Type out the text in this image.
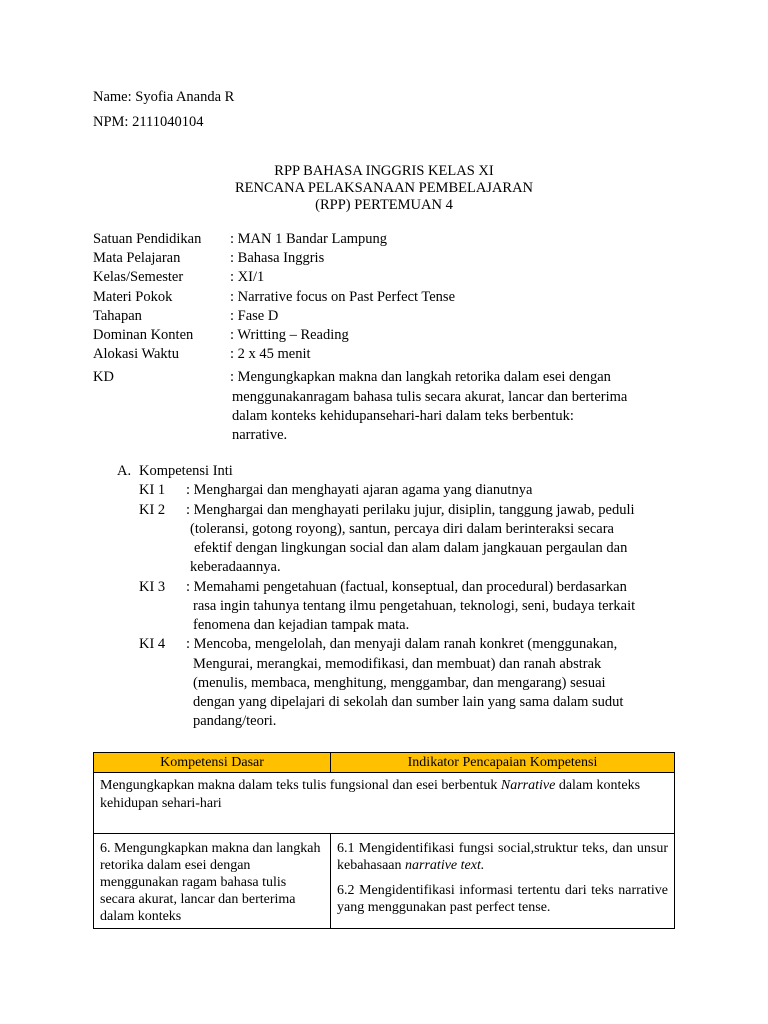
Name: Syofia Ananda R
NPM: 2111040104
RPP BAHASA INGGRIS KELAS XI
RENCANA PELAKSANAAN PEMBELAJARAN
(RPP) PERTEMUAN 4
Satuan Pendidikan : MAN 1 Bandar Lampung
Mata Pelajaran	: Bahasa Inggris
Kelas/Semester	: XI/1
Materi Pokok	: Narrative focus on Past Perfect Tense
Tahapan	: Fase D
Dominan Konten	: Writting – Reading
Alokasi Waktu	: 2 x 45 menit
KD	: Mengungkapkan makna dan langkah retorika dalam esei dengan
menggunakanragam bahasa tulis secara akurat, lancar dan berterima
dalam konteks kehidupansehari-hari dalam teks berbentuk:
narrative.
A. Kompetensi Inti
KI 1 : Menghargai dan menghayati ajaran agama yang dianutnya
KI 2 : Menghargai dan menghayati perilaku jujur, disiplin, tanggung jawab, peduli
(toleransi, gotong royong), santun, percaya diri dalam berinteraksi secara
efektif dengan lingkungan social dan alam dalam jangkauan pergaulan dan
keberadaannya.
KI 3 : Memahami pengetahuan (factual, konseptual, dan procedural) berdasarkan
rasa ingin tahunya tentang ilmu pengetahuan, teknologi, seni, budaya terkait
fenomena dan kejadian tampak mata.
KI 4 : Mencoba, mengelolah, dan menyaji dalam ranah konkret (menggunakan,
Mengurai, merangkai, memodifikasi, dan membuat) dan ranah abstrak
(menulis, membaca, menghitung, menggambar, dan mengarang) sesuai
dengan yang dipelajari di sekolah dan sumber lain yang sama dalam sudut
pandang/teori.
Kompetensi Dasar	Indikator Pencapaian Kompetensi
Mengungkapkan makna dalam teks tulis fungsional dan esei berbentuk Narrative dalam konteks kehidupan sehari-hari	
6. Mengungkapkan makna dan langkah retorika dalam esei dengan menggunakan ragam bahasa tulis secara akurat, lancar dan berterima dalam konteks	6.1 Mengidentifikasi fungsi social,struktur teks, dan unsur kebahasaan narrative text.

6.2 Mengidentifikasi informasi tertentu dari teks narrative yang menggunakan past perfect tense.
